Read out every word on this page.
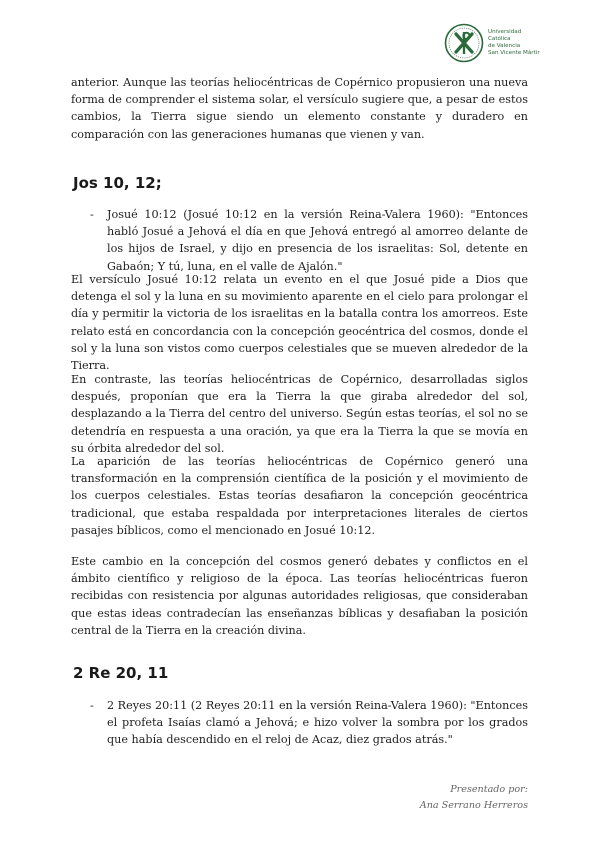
Universidad
Católica
de Valencia
San Vicente Mártir

anterior. Aunque las teorías heliocéntricas de Copérnico propusieron una nueva forma de comprender el sistema solar, el versículo sugiere que, a pesar de estos cambios, la Tierra sigue siendo un elemento constante y duradero en comparación con las generaciones humanas que vienen y van.

Jos 10, 12;
-	Josué 10:12 (Josué 10:12 en la versión Reina-Valera 1960): "Entonces habló Josué a Jehová el día en que Jehová entregó al amorreo delante de los hijos de Israel, y dijo en presencia de los israelitas: Sol, detente en Gabaón; Y tú, luna, en el valle de Ajalón."

El versículo Josué 10:12 relata un evento en el que Josué pide a Dios que detenga el sol y la luna en su movimiento aparente en el cielo para prolongar el día y permitir la victoria de los israelitas en la batalla contra los amorreos. Este relato está en concordancia con la concepción geocéntrica del cosmos, donde el sol y la luna son vistos como cuerpos celestiales que se mueven alrededor de la Tierra.

En contraste, las teorías heliocéntricas de Copérnico, desarrolladas siglos después, proponían que era la Tierra la que giraba alrededor del sol, desplazando a la Tierra del centro del universo. Según estas teorías, el sol no se detendría en respuesta a una oración, ya que era la Tierra la que se movía en su órbita alrededor del sol.

La aparición de las teorías heliocéntricas de Copérnico generó una transformación en la comprensión científica de la posición y el movimiento de los cuerpos celestiales. Estas teorías desafiaron la concepción geocéntrica tradicional, que estaba respaldada por interpretaciones literales de ciertos pasajes bíblicos, como el mencionado en Josué 10:12.

Este cambio en la concepción del cosmos generó debates y conflictos en el ámbito científico y religioso de la época. Las teorías heliocéntricas fueron recibidas con resistencia por algunas autoridades religiosas, que consideraban que estas ideas contradecían las enseñanzas bíblicas y desafiaban la posición central de la Tierra en la creación divina.

2 Re 20, 11
-	2 Reyes 20:11 (2 Reyes 20:11 en la versión Reina-Valera 1960): "Entonces el profeta Isaías clamó a Jehová; e hizo volver la sombra por los grados que había descendido en el reloj de Acaz, diez grados atrás."
Presentado por:
Ana Serrano Herreros
